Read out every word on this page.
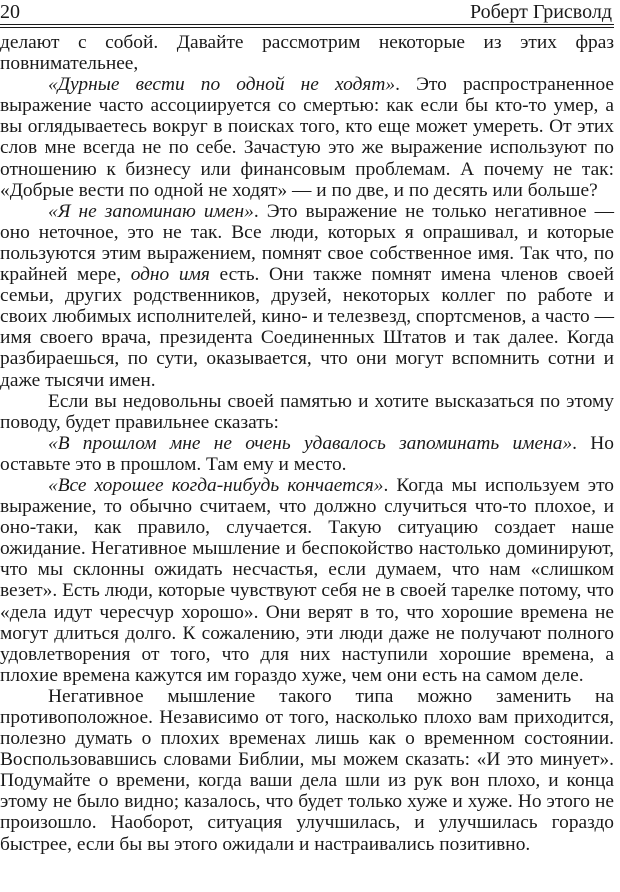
20	Роберт Грисволд

делают с собой. Давайте рассмотрим некоторые из этих фраз повнимательнее,

«Дурные вести по одной не ходят». Это распространенное выражение часто ассоциируется со смертью: как если бы кто-то умер, а вы оглядываетесь вокруг в поисках того, кто еще может умереть. От этих слов мне всегда не по себе. Зачастую это же выражение используют по отношению к бизнесу или финансовым проблемам. А почему не так: «Добрые вести по одной не ходят» — и по две, и по десять или больше?

«Я не запоминаю имен». Это выражение не только негативное — оно неточное, это не так. Все люди, которых я опрашивал, и которые пользуются этим выражением, помнят свое собственное имя. Так что, по крайней мере, одно имя есть. Они также помнят имена членов своей семьи, других родственников, друзей, некоторых коллег по работе и своих любимых исполнителей, кино- и телезвезд, спортсменов, а часто — имя своего врача, президента Соединенных Штатов и так далее. Когда разбираешься, по сути, оказывается, что они могут вспомнить сотни и даже тысячи имен.

Если вы недовольны своей памятью и хотите высказаться по этому поводу, будет правильнее сказать:

«В прошлом мне не очень удавалось запоминать имена». Но оставьте это в прошлом. Там ему и место.

«Все хорошее когда-нибудь кончается». Когда мы используем это выражение, то обычно считаем, что должно случиться что-то плохое, и оно-таки, как правило, случается. Такую ситуацию создает наше ожидание. Негативное мышление и беспокойство настолько доминируют, что мы склонны ожидать несчастья, если думаем, что нам «слишком везет». Есть люди, которые чувствуют себя не в своей тарелке потому, что «дела идут чересчур хорошо». Они верят в то, что хорошие времена не могут длиться долго. К сожалению, эти люди даже не получают полного удовлетворения от того, что для них наступили хорошие времена, а плохие времена кажутся им гораздо хуже, чем они есть на самом деле.

Негативное мышление такого типа можно заменить на противоположное. Независимо от того, насколько плохо вам приходится, полезно думать о плохих временах лишь как о временном состоянии. Воспользовавшись словами Библии, мы можем сказать: «И это минует». Подумайте о времени, когда ваши дела шли из рук вон плохо, и конца этому не было видно; казалось, что будет только хуже и хуже. Но этого не произошло. Наоборот, ситуация улучшилась, и улучшилась гораздо быстрее, если бы вы этого ожидали и настраивались позитивно.
